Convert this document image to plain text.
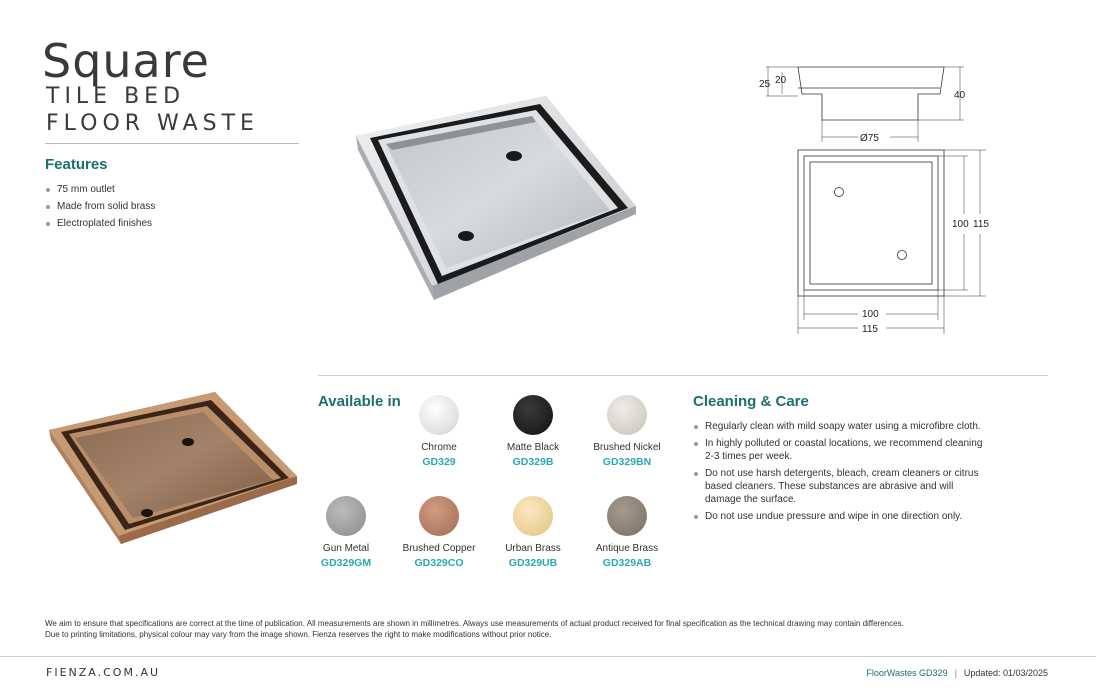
Square
TILE BED
FLOOR WASTE
Features
75 mm outlet
Made from solid brass
Electroplated finishes
25 20
40
Ø75
100 115
100
115
Available in
Chrome
GD329
Matte Black
GD329B
Brushed Nickel
GD329BN
Gun Metal
GD329GM
Brushed Copper
GD329CO
Urban Brass
GD329UB
Antique Brass
GD329AB
Cleaning & Care
Regularly clean with mild soapy water using a microfibre cloth.
In highly polluted or coastal locations, we recommend cleaning 2-3 times per week.
Do not use harsh detergents, bleach, cream cleaners or citrus based cleaners. These substances are abrasive and will damage the surface.
Do not use undue pressure and wipe in one direction only.
We aim to ensure that specifications are correct at the time of publication. All measurements are shown in millimetres. Always use measurements of actual product received for final specification as the technical drawing may contain differences.
Due to printing limitations, physical colour may vary from the image shown. Fienza reserves the right to make modifications without prior notice.
FIENZA.COM.AU	FloorWastes GD329 | Updated: 01/03/2025
